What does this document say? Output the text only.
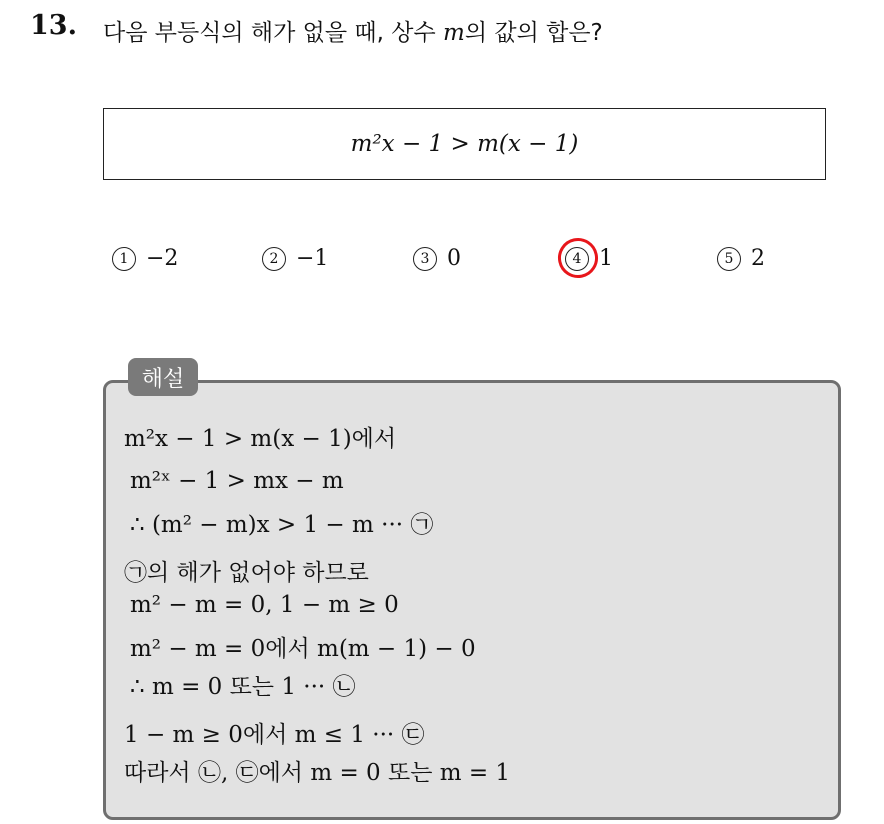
13. 다음 부등식의 해가 없을 때, 상수 m의 값의 합은?
m²x − 1 > m(x − 1)
1 −2	2 −1	3 0	4 1	5 2
해설
m²x − 1 > m(x − 1)에서
m²ˣ − 1 > mx − m
∴ (m² − m)x > 1 − m ··· ㉠
㉠의 해가 없어야 하므로
m² − m = 0, 1 − m ≥ 0
m² − m = 0에서 m(m − 1) − 0
∴ m = 0 또는 1 ··· ㉡
1 − m ≥ 0에서 m ≤ 1 ··· ㉢
따라서 ㉡, ㉢에서 m = 0 또는 m = 1
